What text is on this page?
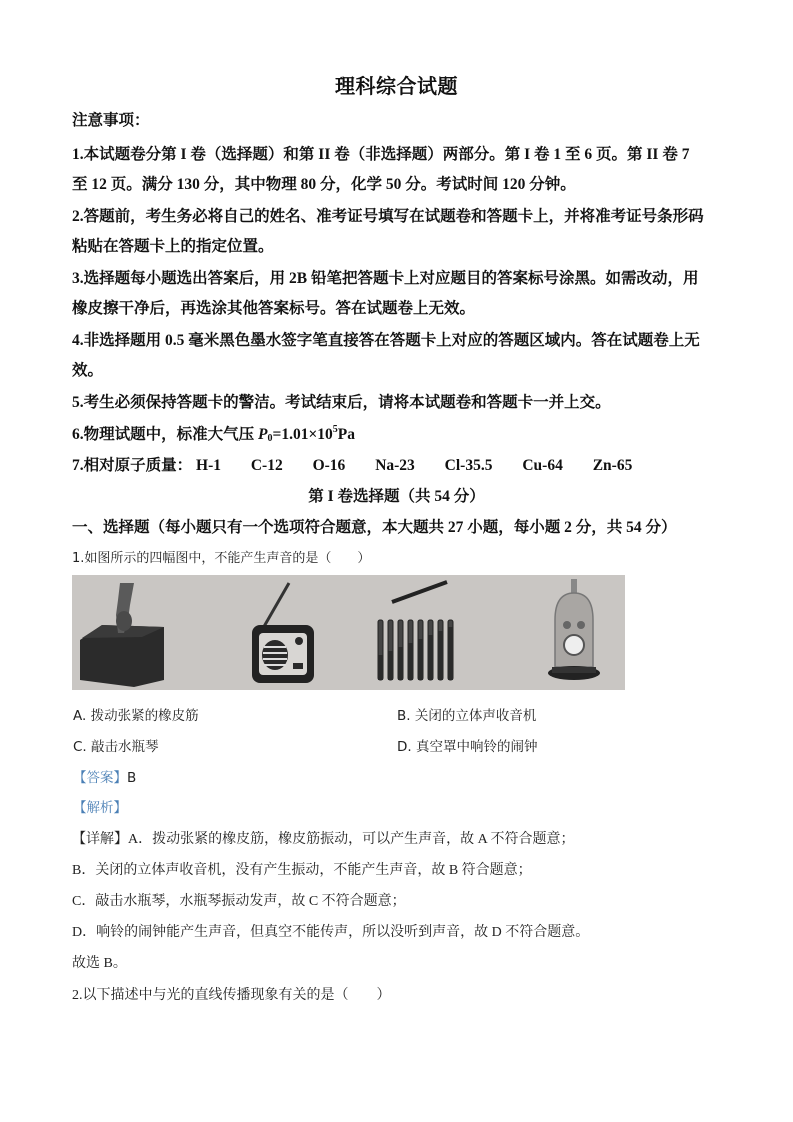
理科综合试题
注意事项：
1.本试题卷分第 I 卷（选择题）和第 II 卷（非选择题）两部分。第 I 卷 1 至 6 页。第 II 卷 7
至 12 页。满分 130 分，其中物理 80 分，化学 50 分。考试时间 120 分钟。
2.答题前，考生务必将自己的姓名、准考证号填写在试题卷和答题卡上，并将准考证号条形码
粘贴在答题卡上的指定位置。
3.选择题每小题选出答案后，用 2B 铅笔把答题卡上对应题目的答案标号涂黑。如需改动，用
橡皮擦干净后，再选涂其他答案标号。答在试题卷上无效。
4.非选择题用 0.5 毫米黑色墨水签字笔直接答在答题卡上对应的答题区域内。答在试题卷上无
效。
5.考生必须保持答题卡的警洁。考试结束后，请将本试题卷和答题卡一并上交。
6.物理试题中，标准大气压 $P_0=1.01\times 10^5Pa$
7.相对原子质量： H-1 C-12 O-16 Na-23 Cl-35.5 Cu-64 Zn-65
第 I 卷选择题（共 54 分）
一、选择题（每小题只有一个选项符合题意，本大题共 27 小题，每小题 2 分，共 54 分）
1.如图所示的四幅图中，不能产生声音的是（　　）
A. 拨动张紧的橡皮筋	B. 关闭的立体声收音机
C. 敲击水瓶琴	D. 真空罩中响铃的闹钟
【答案】B
【解析】
【详解】A．拨动张紧的橡皮筋，橡皮筋振动，可以产生声音，故 A 不符合题意；
B．关闭的立体声收音机，没有产生振动，不能产生声音，故 B 符合题意；
C．敲击水瓶琴，水瓶琴振动发声，故 C 不符合题意；
D．响铃的闹钟能产生声音，但真空不能传声，所以没听到声音，故 D 不符合题意。
故选 B。
2.以下描述中与光的直线传播现象有关的是（　　）
